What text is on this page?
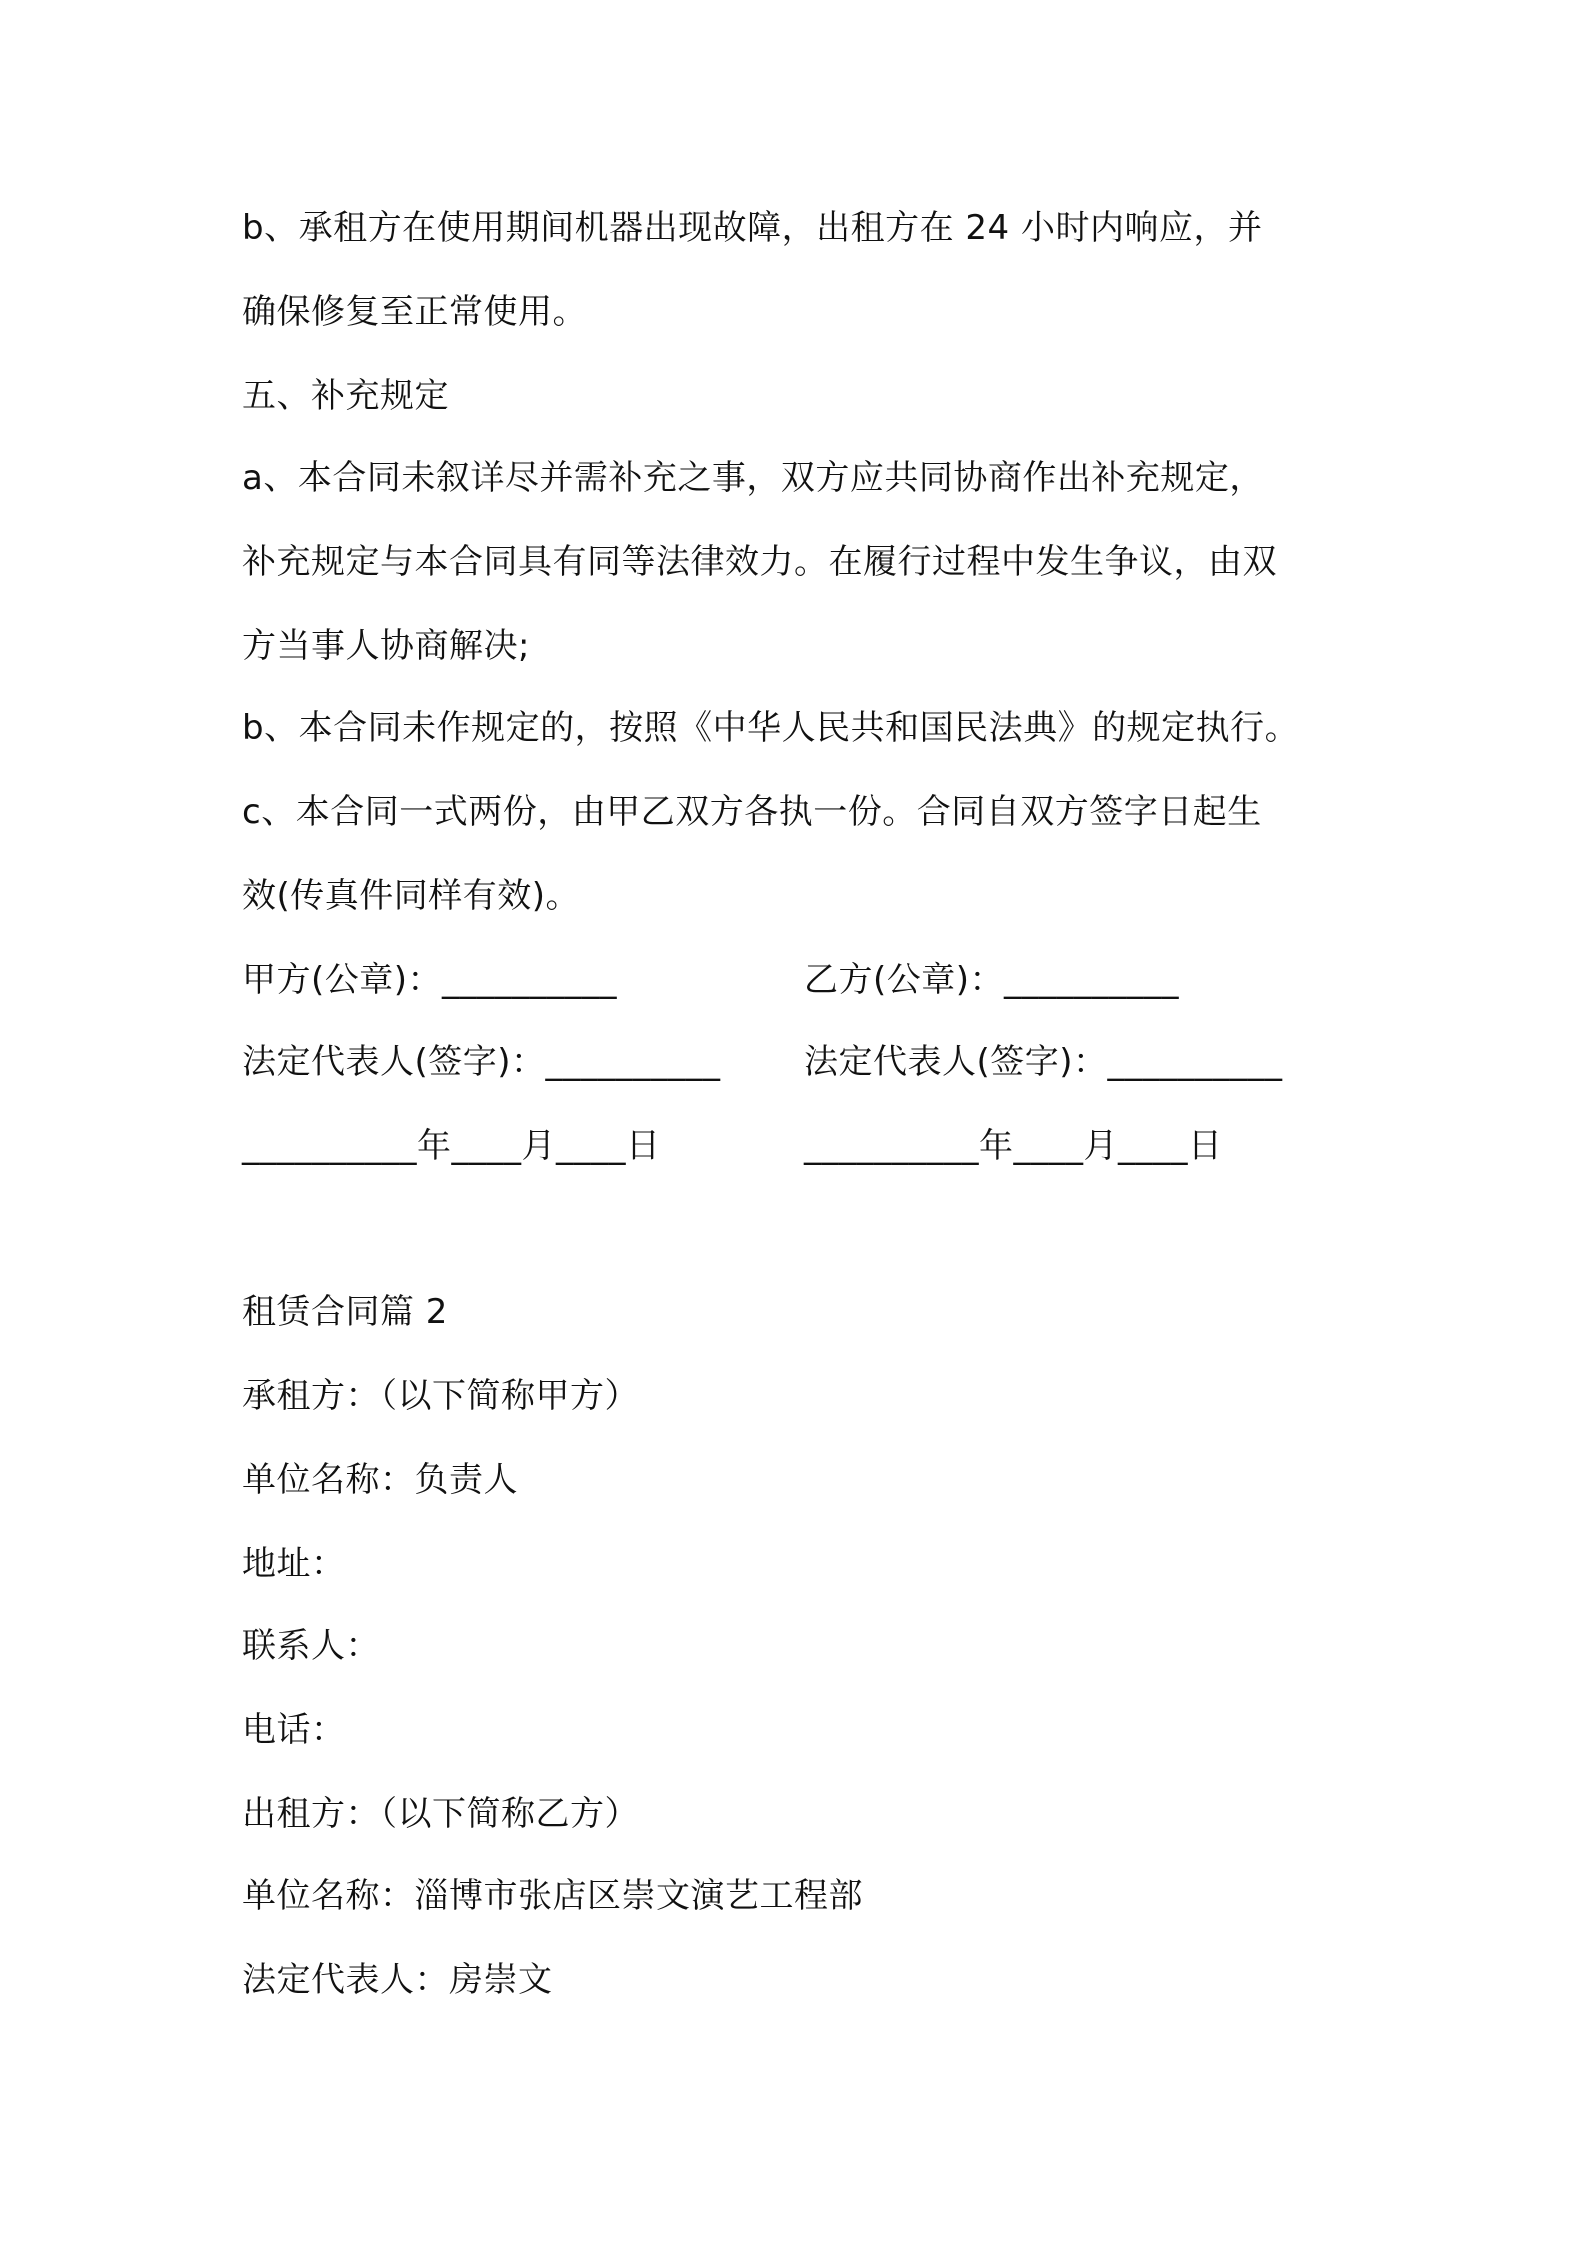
b、承租方在使用期间机器出现故障，出租方在 24 小时内响应，并
确保修复至正常使用。
五、补充规定
a、本合同未叙详尽并需补充之事，双方应共同协商作出补充规定，
补充规定与本合同具有同等法律效力。在履行过程中发生争议，由双
方当事人协商解决;
b、本合同未作规定的，按照《中华人民共和国民法典》的规定执行。
c、本合同一式两份，由甲乙双方各执一份。合同自双方签字日起生
效(传真件同样有效)。
甲方(公章)：__________	乙方(公章)：__________
法定代表人(签字)：__________ 法定代表人(签字)：__________
__________年____月____日	__________年____月____日
租赁合同篇 2
承租方：（以下简称甲方）
单位名称：负责人
地址：
联系人：
电话：
出租方：（以下简称乙方）
单位名称：淄博市张店区崇文演艺工程部
法定代表人：房崇文
